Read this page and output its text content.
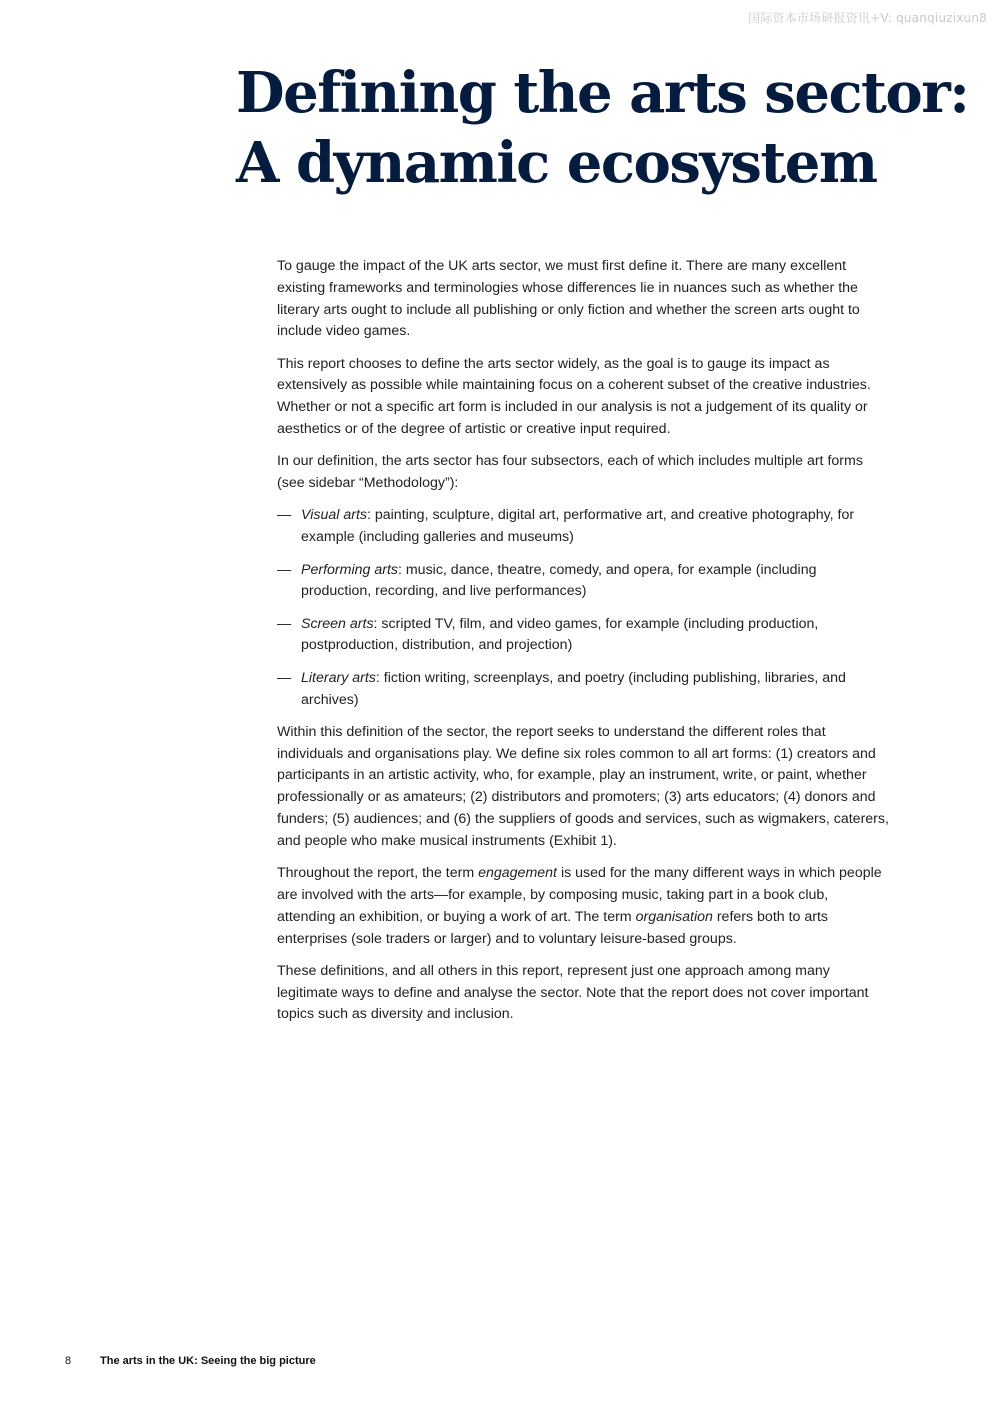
国际资本市场研报资讯+V: quanqiuzixun8
Defining the arts sector:
A dynamic ecosystem

To gauge the impact of the UK arts sector, we must first define it. There are many excellent existing frameworks and terminologies whose differences lie in nuances such as whether the literary arts ought to include all publishing or only fiction and whether the screen arts ought to include video games.

This report chooses to define the arts sector widely, as the goal is to gauge its impact as extensively as possible while maintaining focus on a coherent subset of the creative industries. Whether or not a specific art form is included in our analysis is not a judgement of its quality or aesthetics or of the degree of artistic or creative input required.

In our definition, the arts sector has four subsectors, each of which includes multiple art forms (see sidebar “Methodology”):

— Visual arts: painting, sculpture, digital art, performative art, and creative photography, for example (including galleries and museums)
— Performing arts: music, dance, theatre, comedy, and opera, for example (including production, recording, and live performances)
— Screen arts: scripted TV, film, and video games, for example (including production, postproduction, distribution, and projection)
— Literary arts: fiction writing, screenplays, and poetry (including publishing, libraries, and archives)

Within this definition of the sector, the report seeks to understand the different roles that individuals and organisations play. We define six roles common to all art forms: (1) creators and participants in an artistic activity, who, for example, play an instrument, write, or paint, whether professionally or as amateurs; (2) distributors and promoters; (3) arts educators; (4) donors and funders; (5) audiences; and (6) the suppliers of goods and services, such as wigmakers, caterers, and people who make musical instruments (Exhibit 1).

Throughout the report, the term engagement is used for the many different ways in which people are involved with the arts—for example, by composing music, taking part in a book club, attending an exhibition, or buying a work of art. The term organisation refers both to arts enterprises (sole traders or larger) and to voluntary leisure-based groups.

These definitions, and all others in this report, represent just one approach among many legitimate ways to define and analyse the sector. Note that the report does not cover important topics such as diversity and inclusion.

8	The arts in the UK: Seeing the big picture
